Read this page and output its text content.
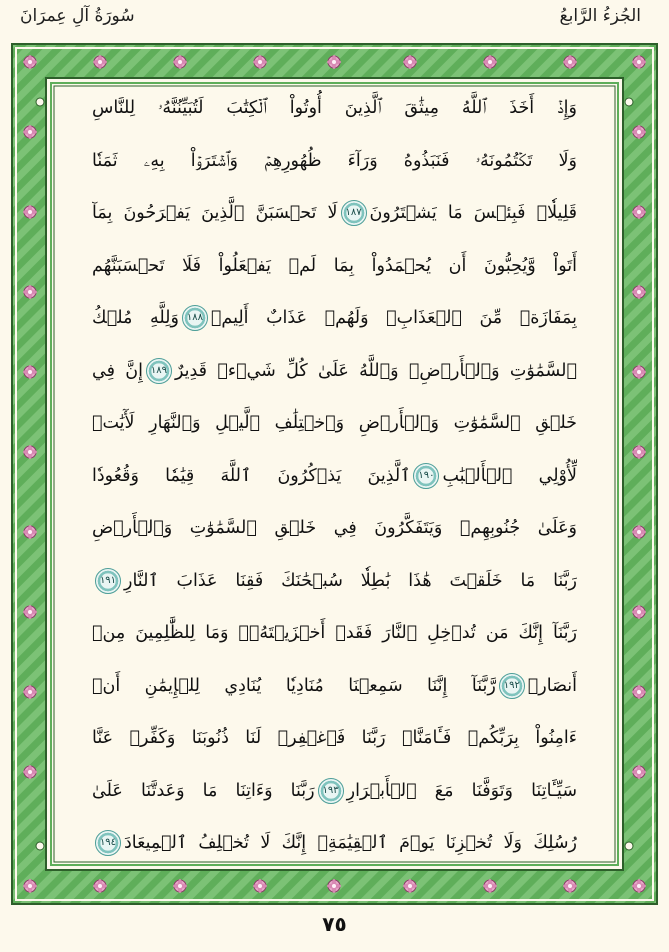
الجُزءُ الرَّابعُ
سُورَةُ آلِ عِمرَانَ
وَإِذۡ أَخَذَ ٱللَّهُ مِيثَٰقَ ٱلَّذِينَ أُوتُواْ ٱلۡكِتَٰبَ لَتُبَيِّنُنَّهُۥ لِلنَّاسِ
وَلَا تَكۡتُمُونَهُۥ فَنَبَذُوهُ وَرَآءَ ظُهُورِهِمۡ وَٱشۡتَرَوۡاْ بِهِۦ ثَمَنٗا
قَلِيلٗاۖ فَبِئۡسَ مَا يَشۡتَرُونَ١٨٧لَا تَحۡسَبَنَّ ٱلَّذِينَ يَفۡرَحُونَ بِمَآ
أَتَواْ وَّيُحِبُّونَ أَن يُحۡمَدُواْ بِمَا لَمۡ يَفۡعَلُواْ فَلَا تَحۡسَبَنَّهُم
بِمَفَازَةٖ مِّنَ ٱلۡعَذَابِۖ وَلَهُمۡ عَذَابٌ أَلِيمٞ١٨٨وَلِلَّهِ مُلۡكُ
ٱلسَّمَٰوَٰتِ وَٱلۡأَرۡضِۗ وَٱللَّهُ عَلَىٰ كُلِّ شَيۡءٖ قَدِيرٌ١٨٩إِنَّ فِي
خَلۡقِ ٱلسَّمَٰوَٰتِ وَٱلۡأَرۡضِ وَٱخۡتِلَٰفِ ٱلَّيۡلِ وَٱلنَّهَارِ لَأٓيَٰتٖ
لِّأُوْلِي ٱلۡأَلۡبَٰبِ١٩٠ٱلَّذِينَ يَذۡكُرُونَ ٱللَّهَ قِيَٰمٗا وَقُعُودٗا
وَعَلَىٰ جُنُوبِهِمۡ وَيَتَفَكَّرُونَ فِي خَلۡقِ ٱلسَّمَٰوَٰتِ وَٱلۡأَرۡضِ
رَبَّنَا مَا خَلَقۡتَ هَٰذَا بَٰطِلٗا سُبۡحَٰنَكَ فَقِنَا عَذَابَ ٱلنَّارِ١٩١
رَبَّنَآ إِنَّكَ مَن تُدۡخِلِ ٱلنَّارَ فَقَدۡ أَخۡزَيۡتَهُۥۖ وَمَا لِلظَّٰلِمِينَ مِنۡ
أَنصَارٖ١٩٢رَّبَّنَآ إِنَّنَا سَمِعۡنَا مُنَادِيٗا يُنَادِي لِلۡإِيمَٰنِ أَنۡ
ءَامِنُواْ بِرَبِّكُمۡ فَـَٔامَنَّاۚ رَبَّنَا فَٱغۡفِرۡ لَنَا ذُنُوبَنَا وَكَفِّرۡ عَنَّا
سَيِّـَٔاتِنَا وَتَوَفَّنَا مَعَ ٱلۡأَبۡرَارِ١٩٣رَبَّنَا وَءَاتِنَا مَا وَعَدتَّنَا عَلَىٰ
رُسُلِكَ وَلَا تُخۡزِنَا يَوۡمَ ٱلۡقِيَٰمَةِۗ إِنَّكَ لَا تُخۡلِفُ ٱلۡمِيعَادَ١٩٤
٧٥
